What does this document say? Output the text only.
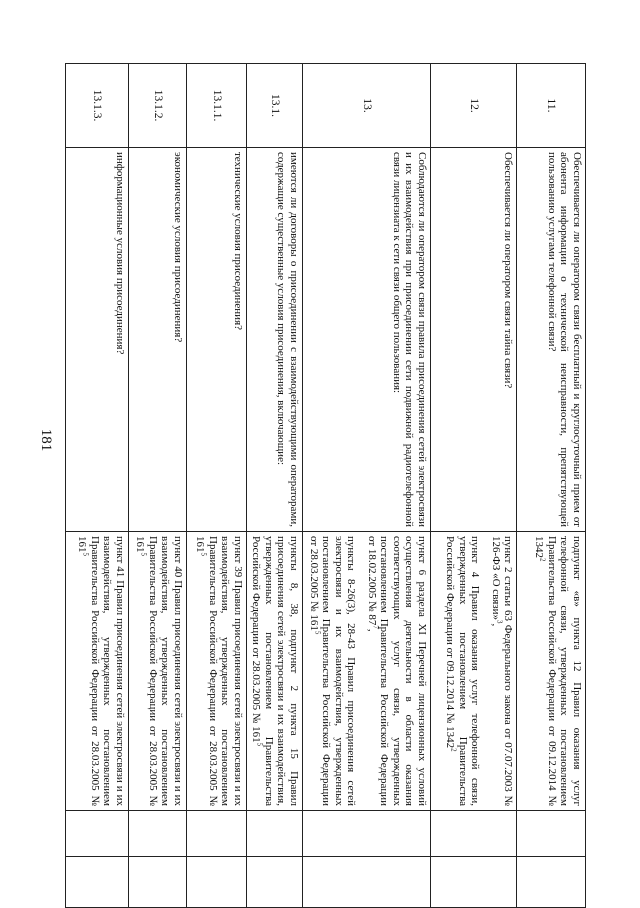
181
11.
Обеспечивается ли оператором связи бесплатный и круглосуточный прием от абонента информации о технической неисправности, препятствующей пользованию услугами телефонной связи?
подпункт «в» пункта 12 Правил оказания услуг телефонной связи, утвержденных постановлением Правительства Российской Федерации от 09.12.2014 № 1342$^2$
12.
Обеспечивается ли оператором связи тайна связи?
пункт 2 статьи 63 Федерального закона от 07.07.2003 № 126-ФЗ «О связи»$^3$,
пункт 4 Правил оказания услуг телефонной связи, утвержденных постановлением Правительства Российской Федерации от 09.12.2014 № 1342$^2$
13.
Соблюдаются ли оператором связи правила присоединения сетей электросвязи и их взаимодействия при присоединении сети подвижной радиотелефонной связи лицензиата к сети связи общего пользования:
пункт 6 раздела XI Перечней лицензионных условий осуществления деятельности в области оказания соответствующих услуг связи, утвержденных постановлением Правительства Российской Федерации от 18.02.2005 № $87^7$,
пункты 8-26(3), 28-43 Правил присоединения сетей электросвязи и их взаимодействия, утвержденных постановлением Правительства Российской Федерации от 28.03.2005 № $161^5$
13.1.
имеются ли договоры о присоединении с взаимодействующими операторами, содержащие существенные условия присоединения, включающие:
пункты 8, 38, подпункт 2 пункта 15 Правил присоединения сетей электросвязи и их взаимодействия, утвержденных постановлением Правительства Российской Федерации от 28.03.2005 № $161^5$
13.1.1.
технические условия присоединения?
пункт 39 Правил присоединения сетей электросвязи и их взаимодействия, утвержденных постановлением Правительства Российской Федерации от 28.03.2005 № $161^5$
13.1.2.
экономические условия присоединения?
пункт 40 Правил присоединения сетей электросвязи и их взаимодействия, утвержденных постановлением Правительства Российской Федерации от 28.03.2005 № $161^5$
13.1.3.
информационные условия присоединения?
пункт 41 Правил присоединения сетей электросвязи и их взаимодействия, утвержденных постановлением Правительства Российской Федерации от 28.03.2005 № $161^5$
